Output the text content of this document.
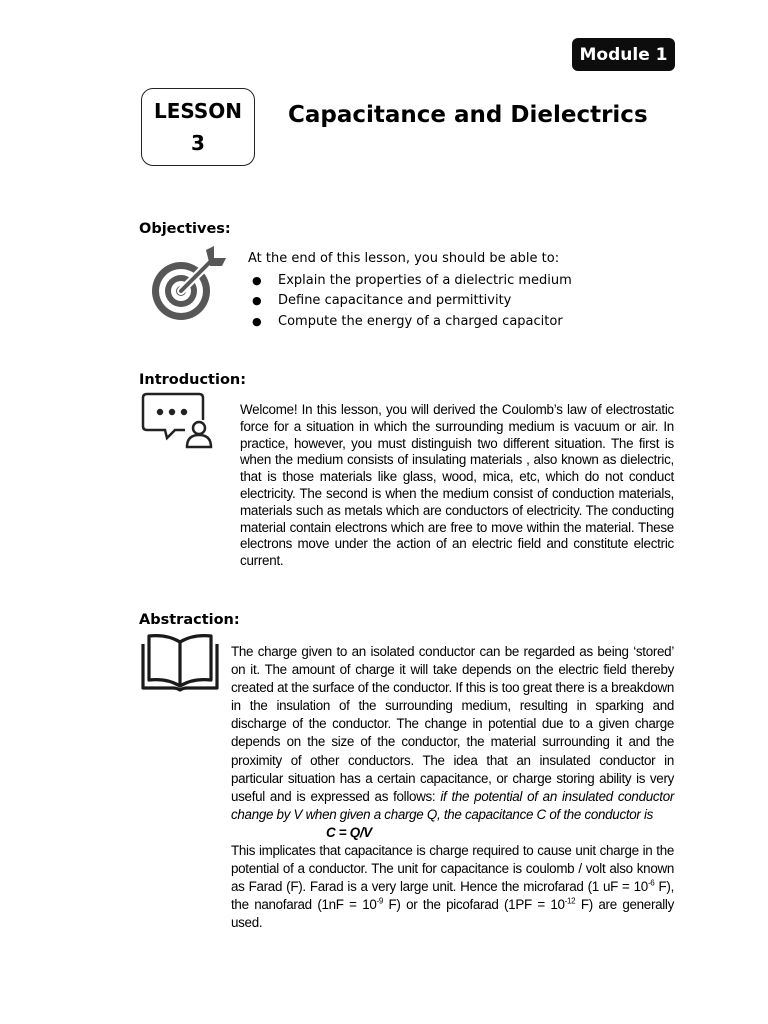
Module 1
LESSON
3
Capacitance and Dielectrics
Objectives:
At the end of this lesson, you should be able to:
●	Explain the properties of a dielectric medium
●	Define capacitance and permittivity
●	Compute the energy of a charged capacitor
Introduction:
Welcome! In this lesson, you will derived the Coulomb’s law of electrostatic force for a situation in which the surrounding medium is vacuum or air. In practice, however, you must distinguish two different situation. The first is when the medium consists of insulating materials , also known as dielectric, that is those materials like glass, wood, mica, etc, which do not conduct electricity. The second is when the medium consist of conduction materials, materials such as metals which are conductors of electricity. The conducting material contain electrons which are free to move within the material. These electrons move under the action of an electric field and constitute electric current.
Abstraction:
The charge given to an isolated conductor can be regarded as being ‘stored’ on it. The amount of charge it will take depends on the electric field thereby created at the surface of the conductor. If this is too great there is a breakdown in the insulation of the surrounding medium, resulting in sparking and discharge of the conductor. The change in potential due to a given charge depends on the size of the conductor, the material surrounding it and the proximity of other conductors. The idea that an insulated conductor in particular situation has a certain capacitance, or charge storing ability is very useful and is expressed as follows: if the potential of an insulated conductor change by V when given a charge Q, the capacitance C of the conductor is
C = Q/V
This implicates that capacitance is charge required to cause unit charge in the potential of a conductor. The unit for capacitance is coulomb / volt also known as Farad (F). Farad is a very large unit. Hence the microfarad (1 uF = $10^{-6}$ F), the nanofarad ($1nF = 10^{-9}$ F) or the picofarad ($1PF = 10^{-12}$ F) are generally used.
